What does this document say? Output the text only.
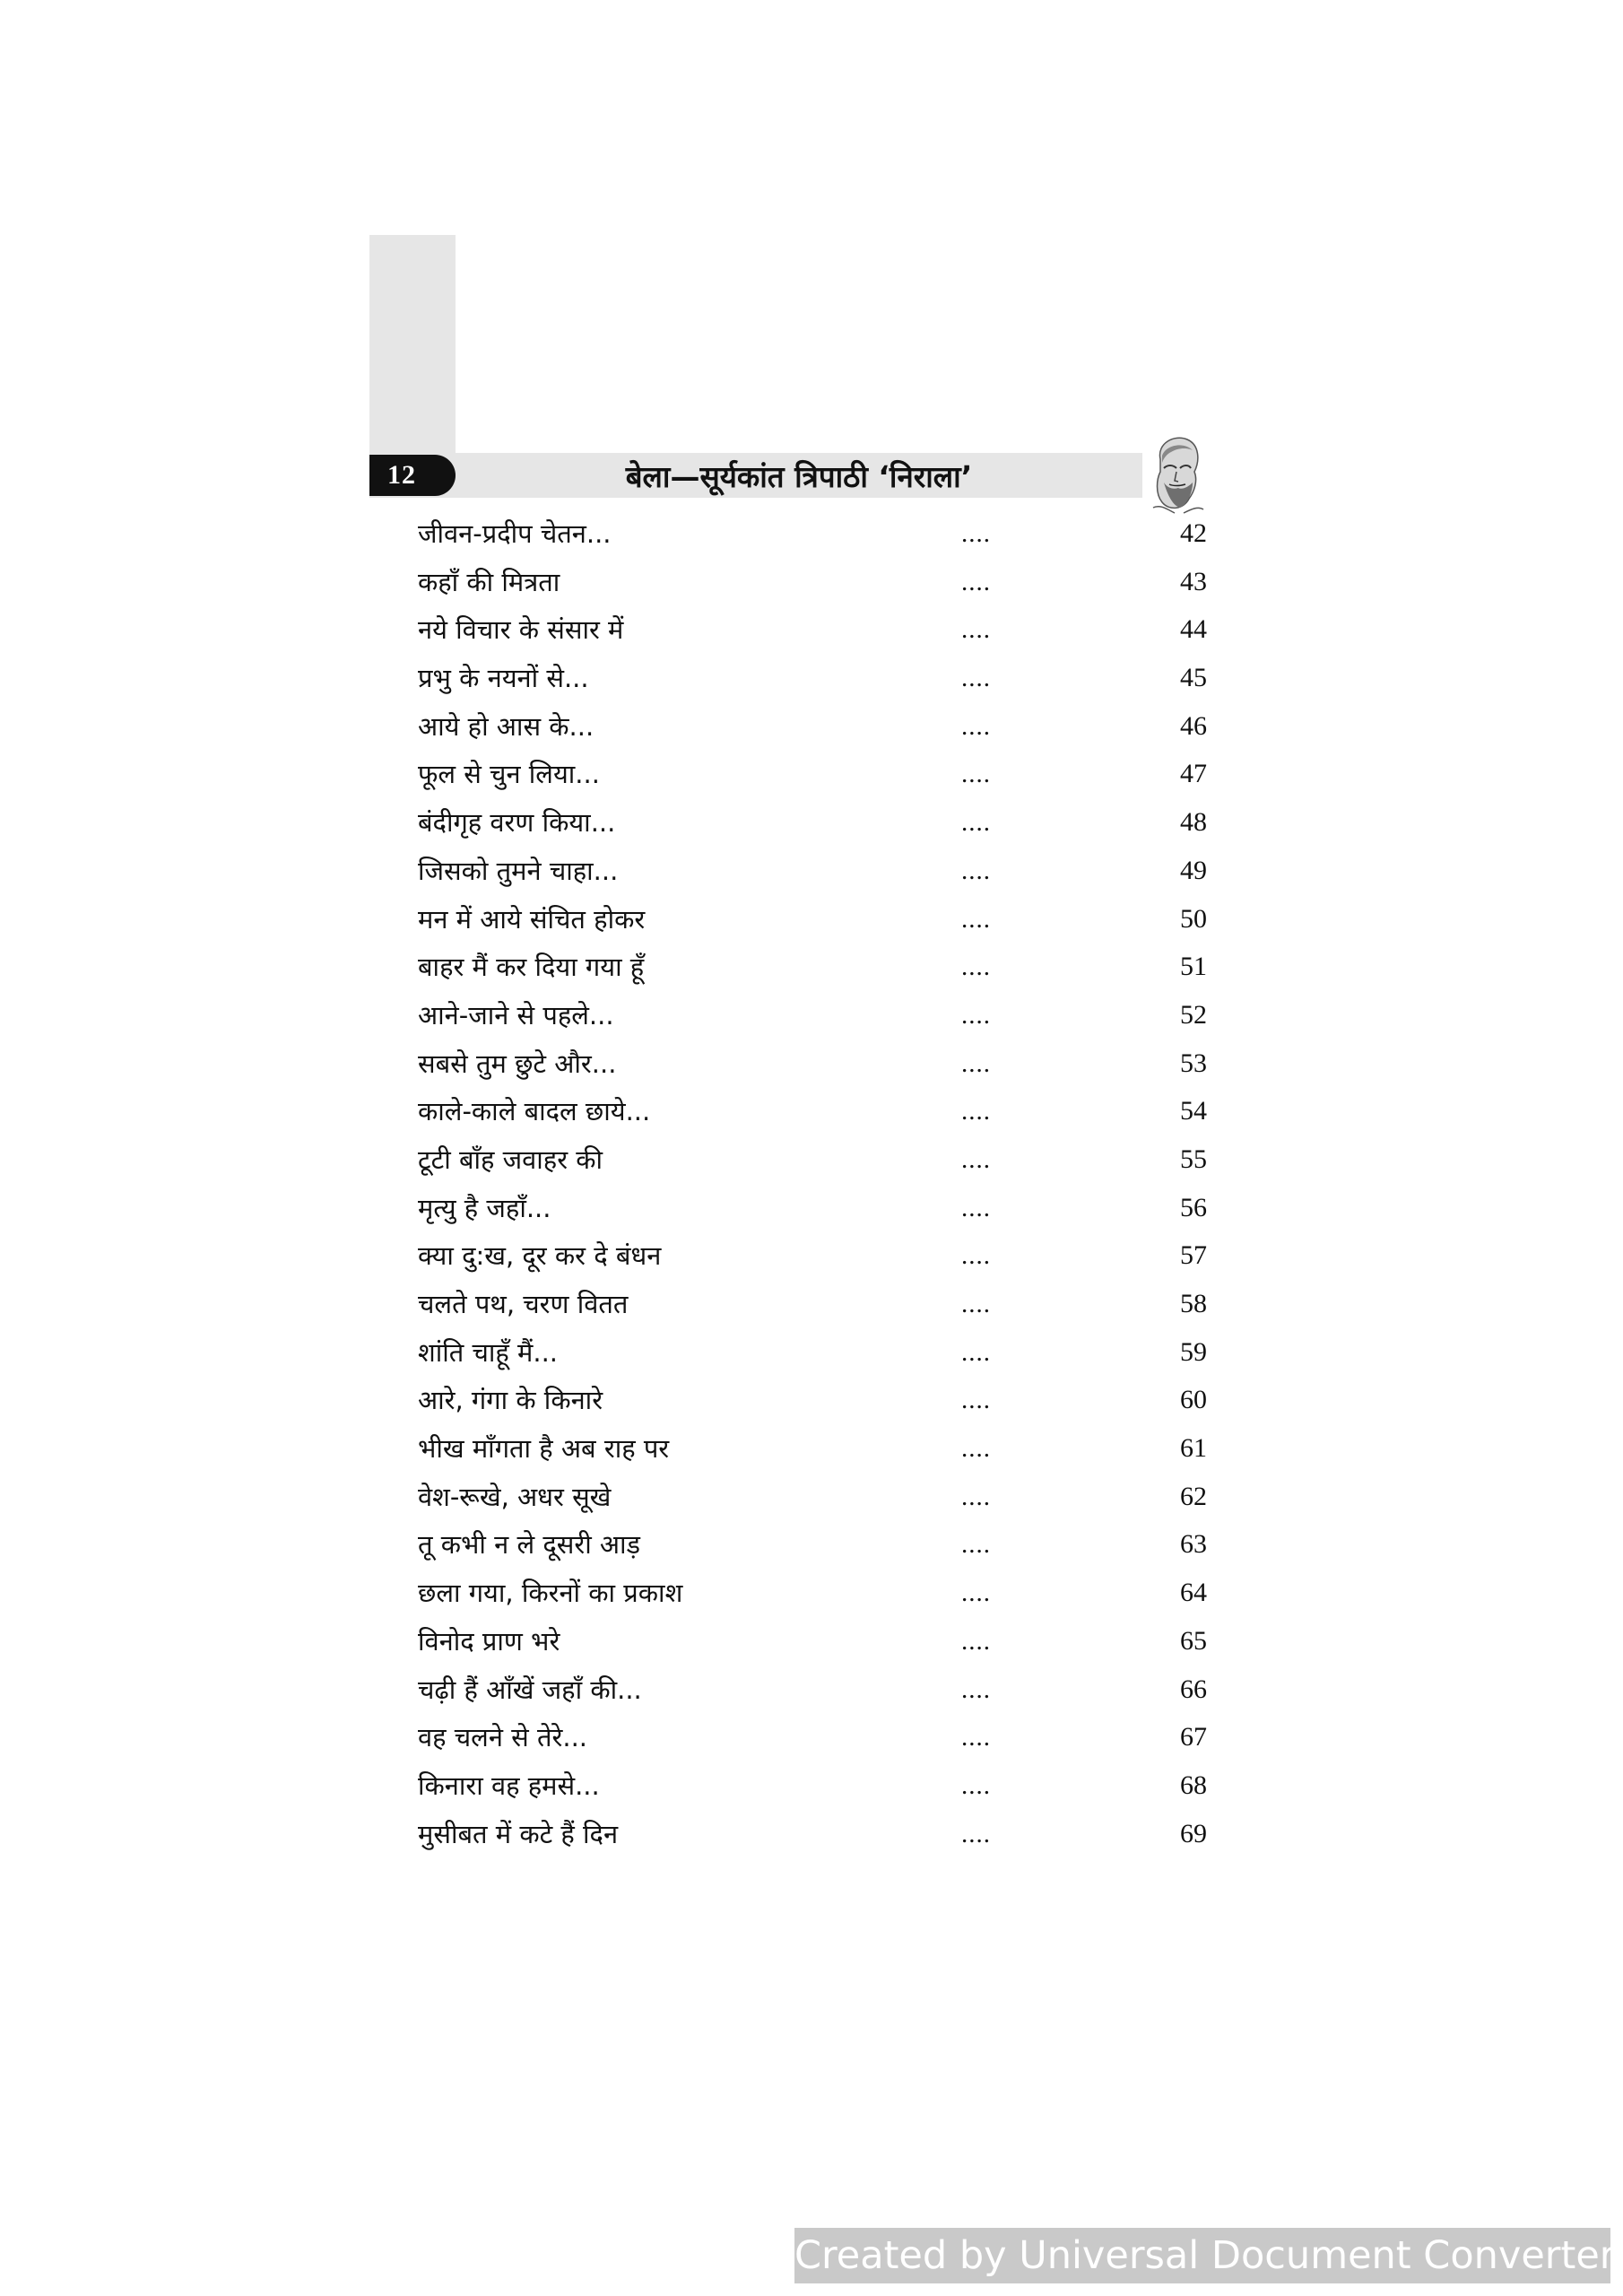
12	बेला—सूर्यकांत त्रिपाठी ‘निराला’
जीवन-प्रदीप चेतन...	....	42
कहाँ की मित्रता	....	43
नये विचार के संसार में	....	44
प्रभु के नयनों से...	....	45
आये हो आस के...	....	46
फूल से चुन लिया...	....	47
बंदीगृह वरण किया...	....	48
जिसको तुमने चाहा...	....	49
मन में आये संचित होकर	....	50
बाहर मैं कर दिया गया हूँ	....	51
आने-जाने से पहले...	....	52
सबसे तुम छुटे और...	....	53
काले-काले बादल छाये...	....	54
टूटी बाँह जवाहर की	....	55
मृत्यु है जहाँ...	....	56
क्या दु:ख, दूर कर दे बंधन	....	57
चलते पथ, चरण वितत	....	58
शांति चाहूँ मैं...	....	59
आरे, गंगा के किनारे	....	60
भीख माँगता है अब राह पर	....	61
वेश-रूखे, अधर सूखे	....	62
तू कभी न ले दूसरी आड़	....	63
छला गया, किरनों का प्रकाश	....	64
विनोद प्राण भरे	....	65
चढ़ी हैं आँखें जहाँ की...	....	66
वह चलने से तेरे...	....	67
किनारा वह हमसे...	....	68
मुसीबत में कटे हैं दिन	....	69
Created by Universal Document Converter
